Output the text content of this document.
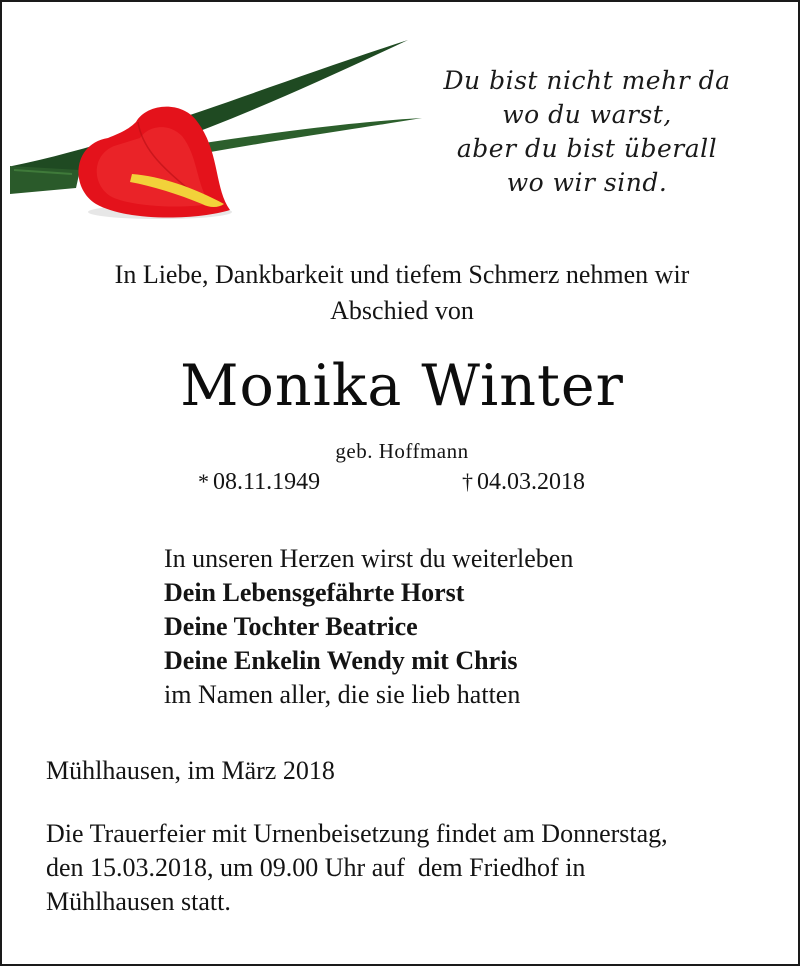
Du bist nicht mehr da
wo du warst,
aber du bist überall
wo wir sind.
In Liebe, Dankbarkeit und tiefem Schmerz nehmen wir
Abschied von
Monika Winter
geb. Hoffmann
* 08.11.1949	† 04.03.2018
In unseren Herzen wirst du weiterleben
Dein Lebensgefährte Horst
Deine Tochter Beatrice
Deine Enkelin Wendy mit Chris
im Namen aller, die sie lieb hatten
Mühlhausen, im März 2018
Die Trauerfeier mit Urnenbeisetzung findet am Donnerstag,
den 15.03.2018, um 09.00 Uhr auf  dem Friedhof in
Mühlhausen statt.
